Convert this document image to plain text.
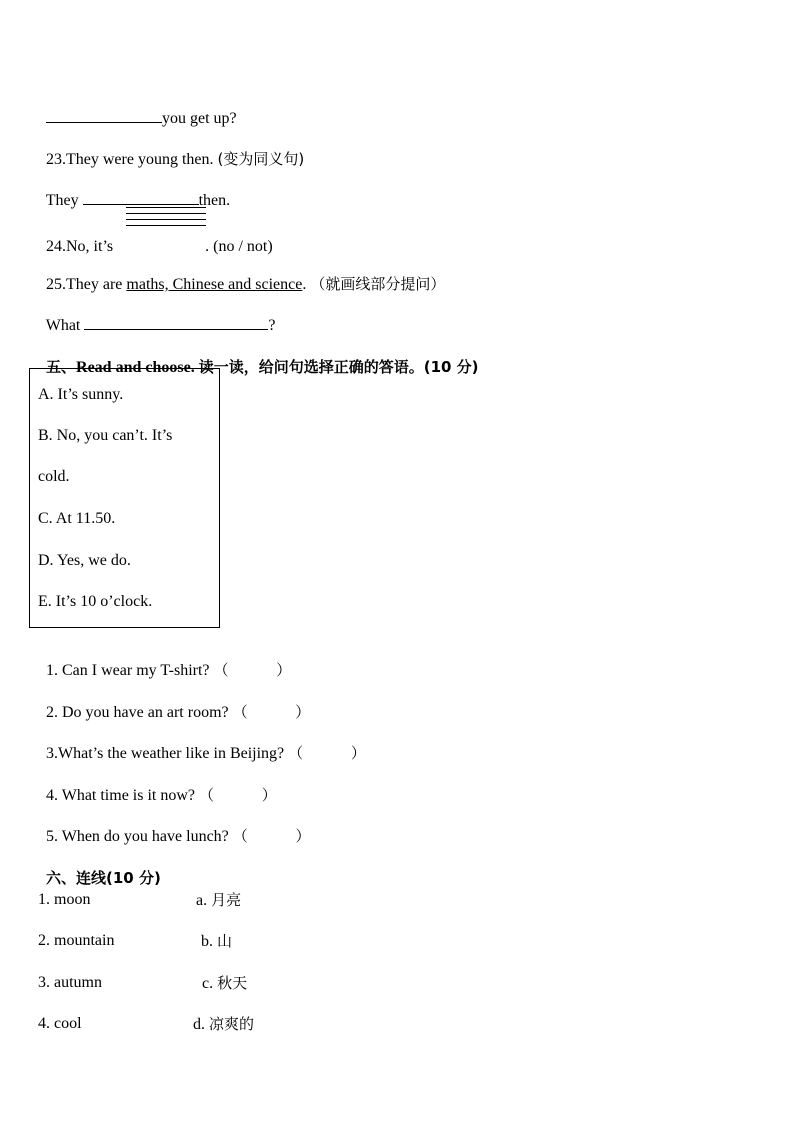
you get up?

23.They were young then. (变为同义句)

They	then.

24.No, it’s	. (no / not)

25.They are maths, Chinese and science. （就画线部分提问）

What	?

五、Read and choose. 读一读，给问句选择正确的答语。(10 分)

A. It’s sunny.
B. No, you can’t. It’s
cold.
C. At 11.50.
D. Yes, we do.
E. It’s 10 o’clock.

1. Can I wear my T-shirt? （          ）

2. Do you have an art room? （          ）

3.What’s the weather like in Beijing? （          ）

4. What time is it now? （          ）

5. When do you have lunch? （          ）

六、连线(10 分)

1. moon	a. 月亮
2. mountain	b. 山
3. autumn	c. 秋天
4. cool	d. 凉爽的
